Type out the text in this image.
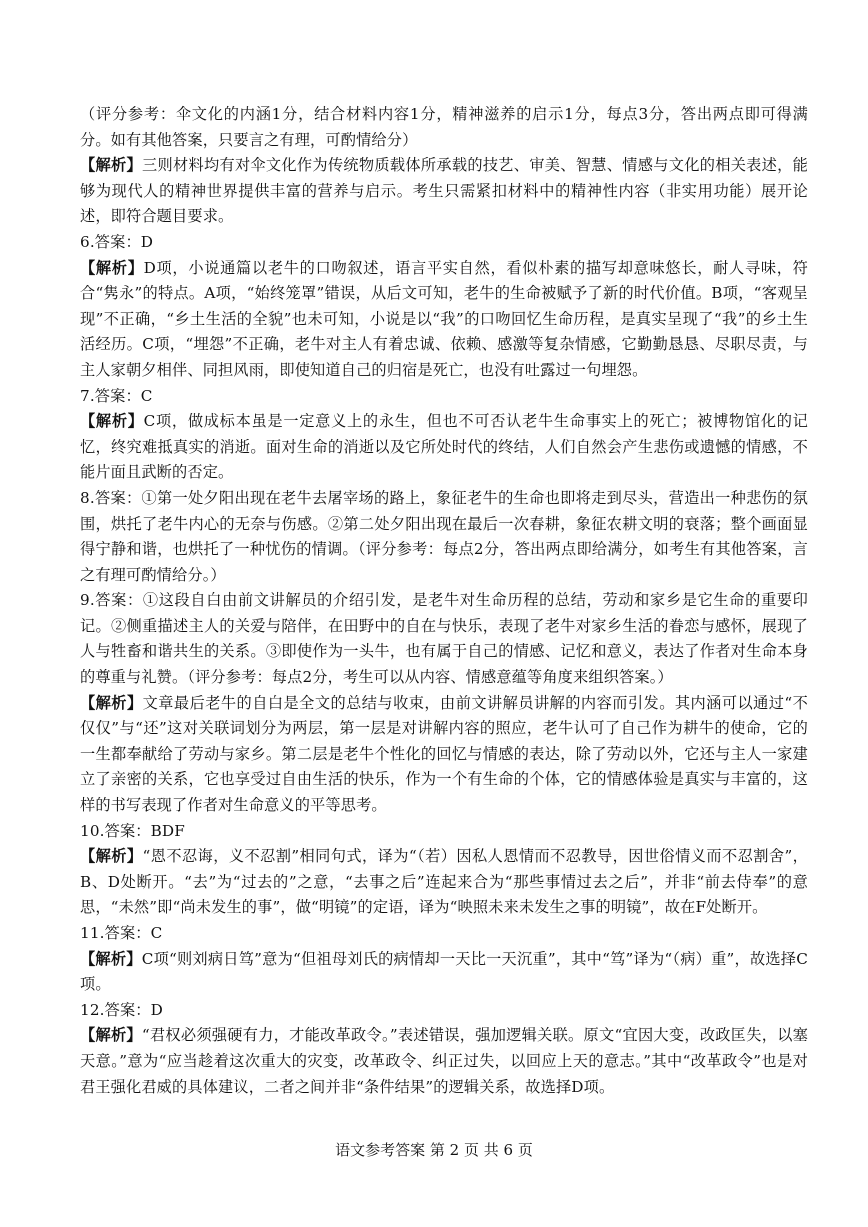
（评分参考：伞文化的内涵1分，结合材料内容1分，精神滋养的启示1分，每点3分，答出两点即可得满分。如有其他答案，只要言之有理，可酌情给分）

【解析】三则材料均有对伞文化作为传统物质载体所承载的技艺、审美、智慧、情感与文化的相关表述，能够为现代人的精神世界提供丰富的营养与启示。考生只需紧扣材料中的精神性内容（非实用功能）展开论述，即符合题目要求。

6.答案：D

【解析】D项，小说通篇以老牛的口吻叙述，语言平实自然，看似朴素的描写却意味悠长，耐人寻味，符合“隽永”的特点。A项，“始终笼罩”错误，从后文可知，老牛的生命被赋予了新的时代价值。B项，“客观呈现”不正确，“乡土生活的全貌”也未可知，小说是以“我”的口吻回忆生命历程，是真实呈现了“我”的乡土生活经历。C项，“埋怨”不正确，老牛对主人有着忠诚、依赖、感激等复杂情感，它勤勤恳恳、尽职尽责，与主人家朝夕相伴、同担风雨，即使知道自己的归宿是死亡，也没有吐露过一句埋怨。

7.答案：C

【解析】C项，做成标本虽是一定意义上的永生，但也不可否认老牛生命事实上的死亡；被博物馆化的记忆，终究难抵真实的消逝。面对生命的消逝以及它所处时代的终结，人们自然会产生悲伤或遗憾的情感，不能片面且武断的否定。

8.答案：①第一处夕阳出现在老牛去屠宰场的路上，象征老牛的生命也即将走到尽头，营造出一种悲伤的氛围，烘托了老牛内心的无奈与伤感。②第二处夕阳出现在最后一次春耕，象征农耕文明的衰落；整个画面显得宁静和谐，也烘托了一种忧伤的情调。（评分参考：每点2分，答出两点即给满分，如考生有其他答案，言之有理可酌情给分。）

9.答案：①这段自白由前文讲解员的介绍引发，是老牛对生命历程的总结，劳动和家乡是它生命的重要印记。②侧重描述主人的关爱与陪伴，在田野中的自在与快乐，表现了老牛对家乡生活的眷恋与感怀，展现了人与牲畜和谐共生的关系。③即使作为一头牛，也有属于自己的情感、记忆和意义，表达了作者对生命本身的尊重与礼赞。（评分参考：每点2分，考生可以从内容、情感意蕴等角度来组织答案。）

【解析】文章最后老牛的自白是全文的总结与收束，由前文讲解员讲解的内容而引发。其内涵可以通过“不仅仅”与“还”这对关联词划分为两层，第一层是对讲解内容的照应，老牛认可了自己作为耕牛的使命，它的一生都奉献给了劳动与家乡。第二层是老牛个性化的回忆与情感的表达，除了劳动以外，它还与主人一家建立了亲密的关系，它也享受过自由生活的快乐，作为一个有生命的个体，它的情感体验是真实与丰富的，这样的书写表现了作者对生命意义的平等思考。

10.答案：BDF

【解析】“恩不忍诲，义不忍割”相同句式，译为“（若）因私人恩情而不忍教导，因世俗情义而不忍割舍”，B、D处断开。“去”为“过去的”之意，“去事之后”连起来合为“那些事情过去之后”，并非“前去侍奉”的意思，“未然”即“尚未发生的事”，做“明镜”的定语，译为“映照未来未发生之事的明镜”，故在F处断开。

11.答案：C

【解析】C项“则刘病日笃”意为“但祖母刘氏的病情却一天比一天沉重”，其中“笃”译为“（病）重”，故选择C项。

12.答案：D

【解析】“君权必须强硬有力，才能改革政令。”表述错误，强加逻辑关联。原文“宜因大变，改政匡失，以塞天意。”意为“应当趁着这次重大的灾变，改革政令、纠正过失，以回应上天的意志。”其中“改革政令”也是对君王强化君威的具体建议，二者之间并非“条件结果”的逻辑关系，故选择D项。

语文参考答案 第 2 页 共 6 页
